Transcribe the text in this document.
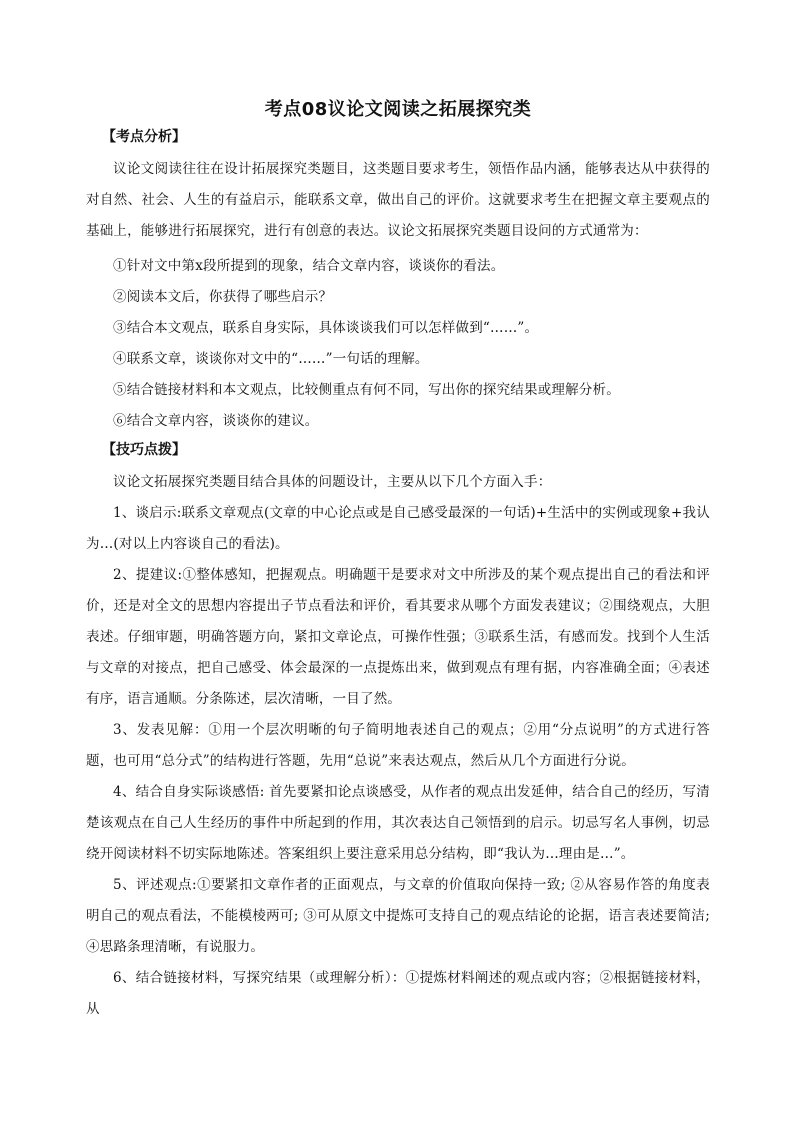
考点08议论文阅读之拓展探究类
【考点分析】

议论文阅读往往在设计拓展探究类题目，这类题目要求考生，领悟作品内涵，能够表达从中获得的对自然、社会、人生的有益启示，能联系文章，做出自己的评价。这就要求考生在把握文章主要观点的基础上，能够进行拓展探究，进行有创意的表达。议论文拓展探究类题目设问的方式通常为：

①针对文中第x段所提到的现象，结合文章内容，谈谈你的看法。

②阅读本文后，你获得了哪些启示？

③结合本文观点，联系自身实际，具体谈谈我们可以怎样做到“……”。

④联系文章，谈谈你对文中的“……”一句话的理解。

⑤结合链接材料和本文观点，比较侧重点有何不同，写出你的探究结果或理解分析。

⑥结合文章内容，谈谈你的建议。

【技巧点拨】

议论文拓展探究类题目结合具体的问题设计，主要从以下几个方面入手：

1、谈启示:联系文章观点(文章的中心论点或是自己感受最深的一句话)+生活中的实例或现象+我认为…(对以上内容谈自己的看法)。

2、提建议:①整体感知，把握观点。明确题干是要求对文中所涉及的某个观点提出自己的看法和评价，还是对全文的思想内容提出子节点看法和评价，看其要求从哪个方面发表建议；②围绕观点，大胆表述。仔细审题，明确答题方向，紧扣文章论点，可操作性强；③联系生活，有感而发。找到个人生活与文章的对接点，把自己感受、体会最深的一点提炼出来，做到观点有理有据，内容准确全面；④表述有序，语言通顺。分条陈述，层次清晰，一目了然。

3、发表见解：①用一个层次明晰的句子简明地表述自己的观点；②用“分点说明”的方式进行答题，也可用“总分式”的结构进行答题，先用“总说”来表达观点，然后从几个方面进行分说。

4、结合自身实际谈感悟: 首先要紧扣论点谈感受，从作者的观点出发延伸，结合自己的经历，写清楚该观点在自己人生经历的事件中所起到的作用，其次表达自己领悟到的启示。切忌写名人事例，切忌绕开阅读材料不切实际地陈述。答案组织上要注意采用总分结构，即“我认为…理由是…”。

5、评述观点:①要紧扣文章作者的正面观点，与文章的价值取向保持一致; ②从容易作答的角度表明自己的观点看法，不能模棱两可; ③可从原文中提炼可支持自己的观点结论的论据，语言表述要简洁; ④思路条理清晰，有说服力。

6、结合链接材料，写探究结果（或理解分析）：①提炼材料阐述的观点或内容；②根据链接材料，从
